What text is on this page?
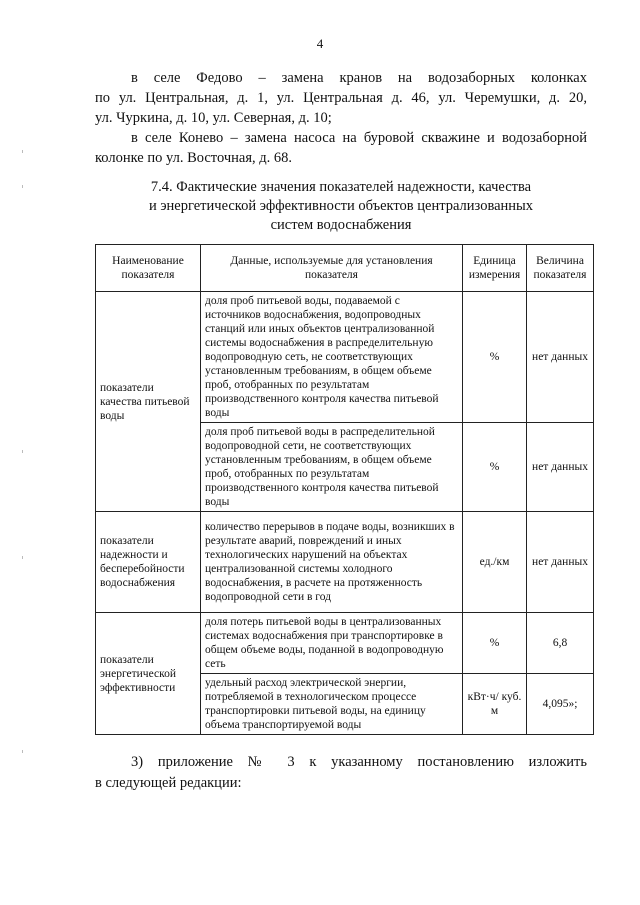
4
в селе Федово – замена кранов на водозаборных колонках
по ул. Центральная, д. 1, ул. Центральная д. 46, ул. Черемушки, д. 20,
ул. Чуркина, д. 10, ул. Северная, д. 10;
в селе Конево – замена насоса на буровой скважине и водозаборной
колонке по ул. Восточная, д. 68.
7.4. Фактические значения показателей надежности, качества
и энергетической эффективности объектов централизованных
систем водоснабжения
Наименование показателя	Данные, используемые для установления показателя	Единица измерения	Величина показателя
показатели качества питьевой воды	доля проб питьевой воды, подаваемой с источников водоснабжения, водопроводных станций или иных объектов централизованной системы водоснабжения в распределительную водопроводную сеть, не соответствующих установленным требованиям, в общем объеме проб, отобранных по результатам производственного контроля качества питьевой воды	%	нет данных
	доля проб питьевой воды в распределительной водопроводной сети, не соответствующих установленным требованиям, в общем объеме проб, отобранных по результатам производственного контроля качества питьевой воды	%	нет данных
показатели надежности и бесперебойности водоснабжения	количество перерывов в подаче воды, возникших в результате аварий, повреждений и иных технологических нарушений на объектах централизованной системы холодного водоснабжения, в расчете на протяженность водопроводной сети в год	ед./км	нет данных
показатели энергетической эффективности	доля потерь питьевой воды в централизованных системах водоснабжения при транспортировке в общем объеме воды, поданной в водопроводную сеть	%	6,8
	удельный расход электрической энергии, потребляемой в технологическом процессе транспортировки питьевой воды, на единицу объема транспортируемой воды	кВт·ч/ куб. м	4,095»;
3) приложение № 3 к указанному постановлению изложить
в следующей редакции:
